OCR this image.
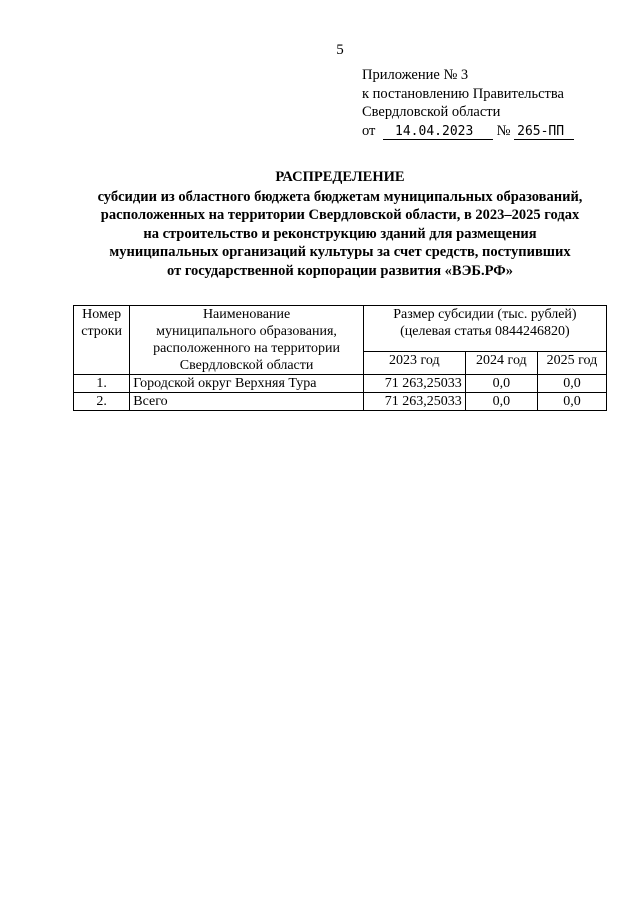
5
Приложение № 3
к постановлению Правительства
Свердловской области
от 14.04.2023 № 265-ПП
РАСПРЕДЕЛЕНИЕ
субсидии из областного бюджета бюджетам муниципальных образований,
расположенных на территории Свердловской области, в 2023–2025 годах
на строительство и реконструкцию зданий для размещения
муниципальных организаций культуры за счет средств, поступивших
от государственной корпорации развития «ВЭБ.РФ»
Номер
строки	Наименование
муниципального образования,
расположенного на территории
Свердловской области	Размер субсидии (тыс. рублей)
(целевая статья 0844246820)		

		2023 год	2024 год	2025 год
1.	Городской округ Верхняя Тура	71 263,25033	0,0	0,0
2.	Всего	71 263,25033	0,0	0,0
